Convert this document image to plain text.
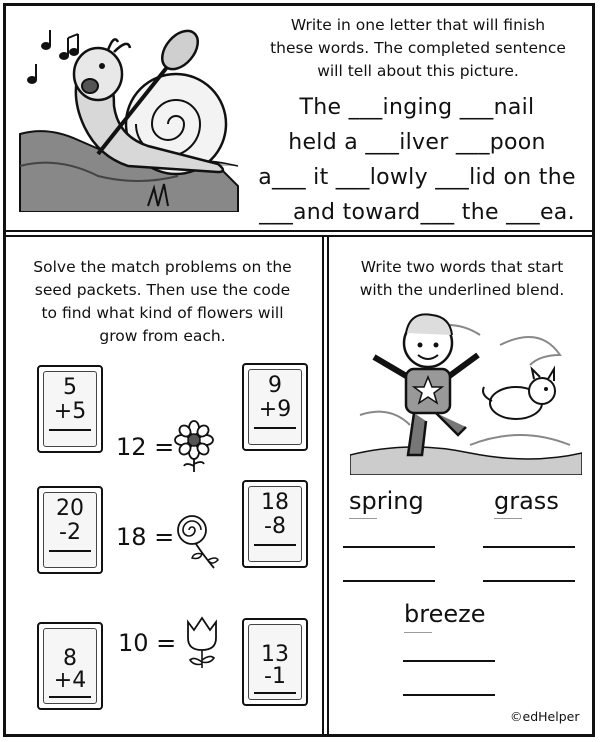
Write in one letter that will finish
these words. The completed sentence
will tell about this picture.
The ___inging ___nail
held a ___ilver ___poon
a___ it ___lowly ___lid on the
___and toward___ the ___ea.
Solve the match problems on the
seed packets. Then use the code
to find what kind of flowers will
grow from each.
5
+5
9
+9
20
-2
18
-8
8
+4
13
-1
12 =
18 =
10 =
Write two words that start
with the underlined blend.
spring	grass
breeze
©edHelper
